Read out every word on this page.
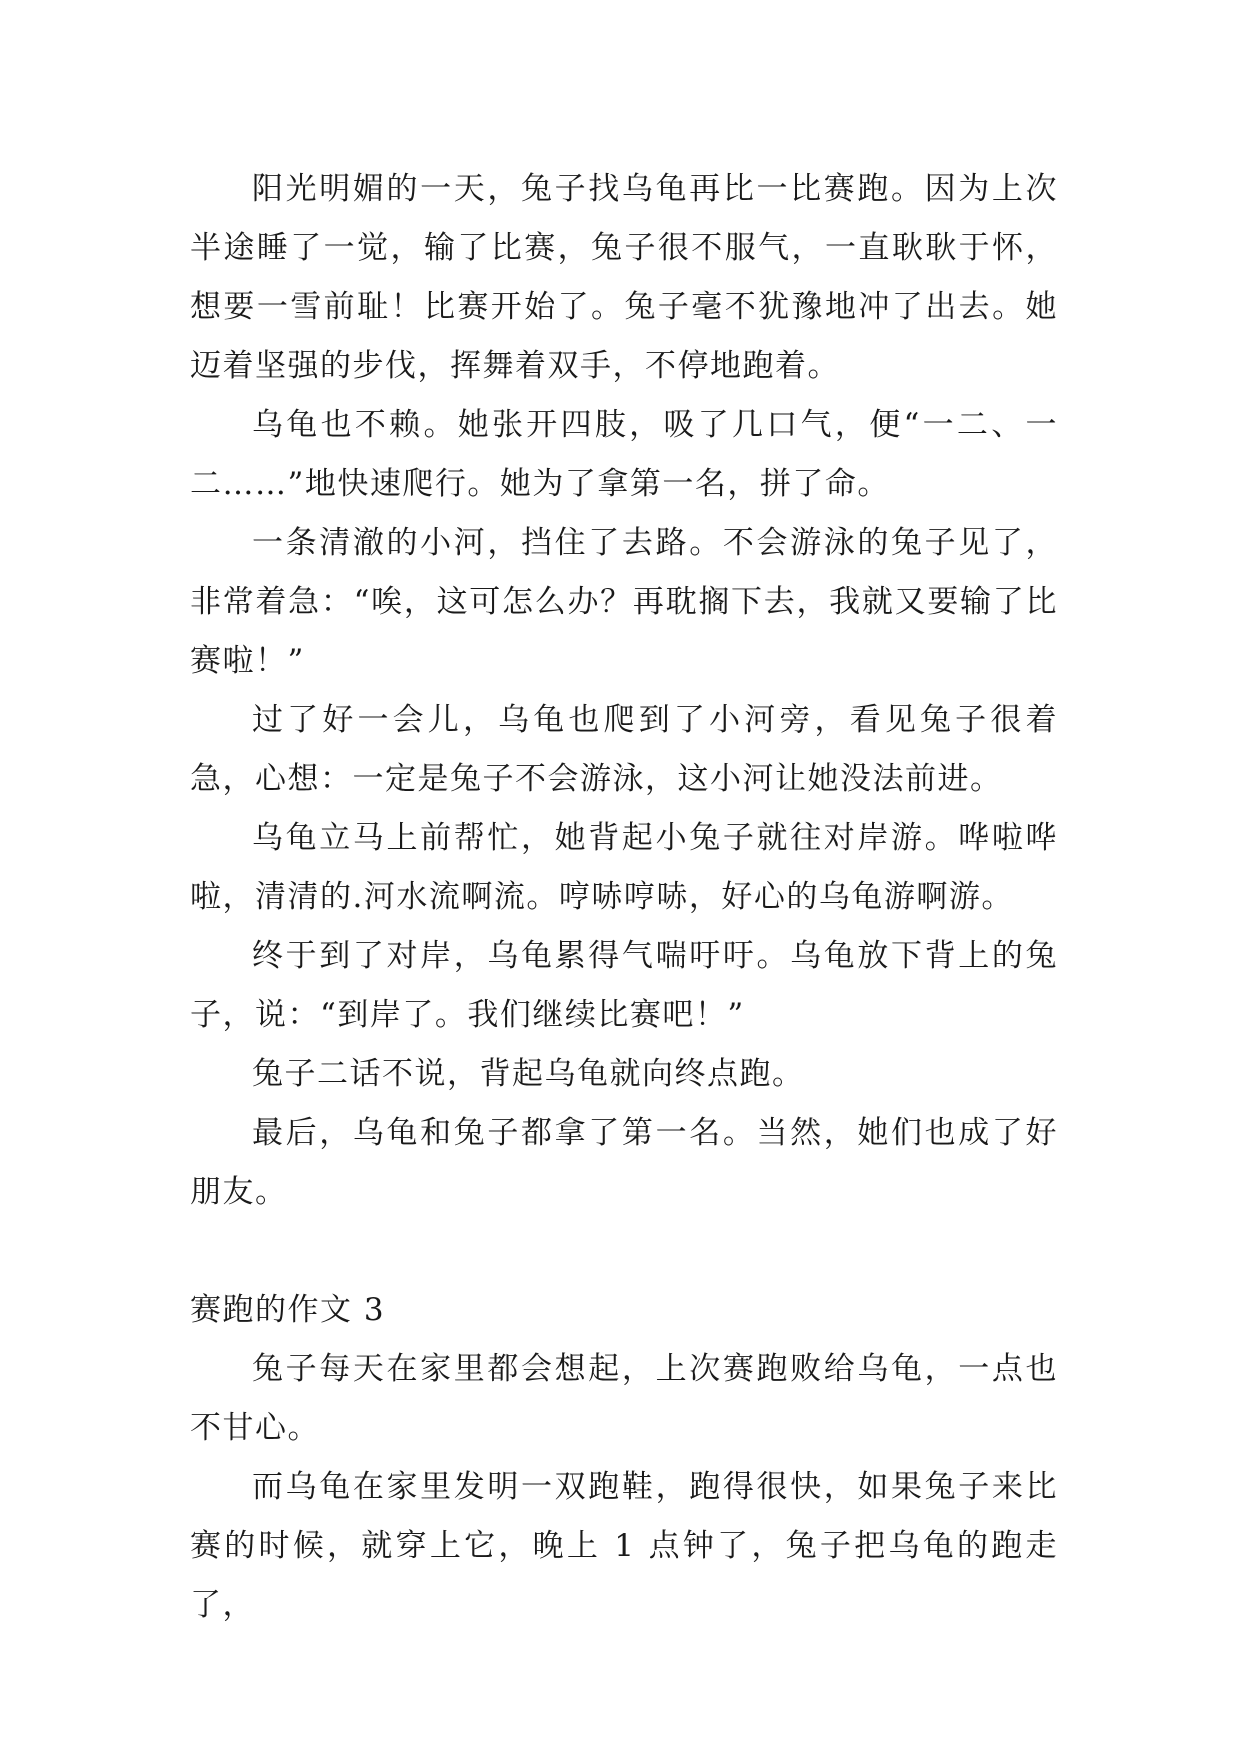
阳光明媚的一天，兔子找乌龟再比一比赛跑。因为上次半途睡了一觉，输了比赛，兔子很不服气，一直耿耿于怀，想要一雪前耻！比赛开始了。兔子毫不犹豫地冲了出去。她迈着坚强的步伐，挥舞着双手，不停地跑着。

乌龟也不赖。她张开四肢，吸了几口气，便“一二、一二……”地快速爬行。她为了拿第一名，拼了命。

一条清澈的小河，挡住了去路。不会游泳的兔子见了，非常着急：“唉，这可怎么办？再耽搁下去，我就又要输了比赛啦！”

过了好一会儿，乌龟也爬到了小河旁，看见兔子很着急，心想：一定是兔子不会游泳，这小河让她没法前进。

乌龟立马上前帮忙，她背起小兔子就往对岸游。哗啦哗啦，清清的.河水流啊流。哼哧哼哧，好心的乌龟游啊游。

终于到了对岸，乌龟累得气喘吁吁。乌龟放下背上的兔子，说：“到岸了。我们继续比赛吧！”

兔子二话不说，背起乌龟就向终点跑。

最后，乌龟和兔子都拿了第一名。当然，她们也成了好朋友。

赛跑的作文 3

兔子每天在家里都会想起，上次赛跑败给乌龟，一点也不甘心。

而乌龟在家里发明一双跑鞋，跑得很快，如果兔子来比赛的时候，就穿上它，晚上 1 点钟了，兔子把乌龟的跑走了，
